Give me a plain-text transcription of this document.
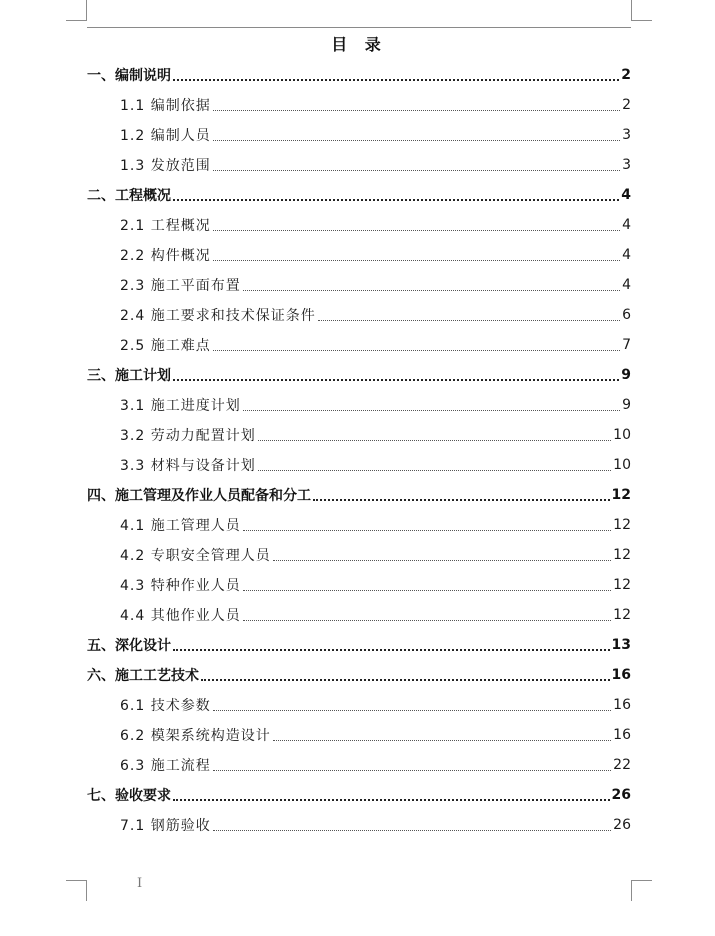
目 录
一、编制说明	2
1.1 编制依据	2
1.2 编制人员	3
1.3 发放范围	3
二、工程概况	4
2.1 工程概况	4
2.2 构件概况	4
2.3 施工平面布置	4
2.4 施工要求和技术保证条件	6
2.5 施工难点	7
三、施工计划	9
3.1 施工进度计划	9
3.2 劳动力配置计划	10
3.3 材料与设备计划	10
四、施工管理及作业人员配备和分工	12
4.1 施工管理人员	12
4.2 专职安全管理人员	12
4.3 特种作业人员	12
4.4 其他作业人员	12
五、深化设计	13
六、施工工艺技术	16
6.1 技术参数	16
6.2 模架系统构造设计	16
6.3 施工流程	22
七、验收要求	26
7.1 钢筋验收	26
I
